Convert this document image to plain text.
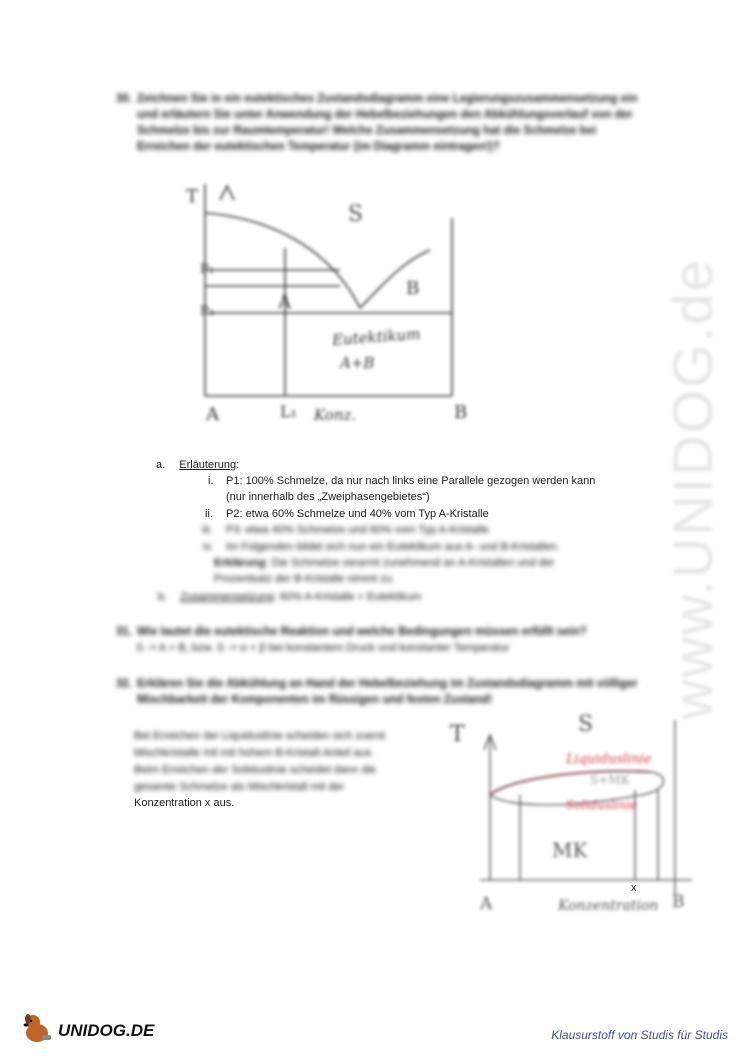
30. Zeichnen Sie in ein eutektisches Zustandsdiagramm eine Legierungszusammensetzung ein
und erläutern Sie unter Anwendung der Hebelbeziehungen den Abkühlungsverlauf von der
Schmelze bis zur Raumtemperatur! Welche Zusammensetzung hat die Schmelze bei
Erreichen der eutektischen Temperatur (im Diagramm eintragen!)?
T
S
P₁
P₃	A
B
Eutektikum
A+B
A	L₁ Konz.	B
a. Erläuterung:
i. P1: 100% Schmelze, da nur nach links eine Parallele gezogen werden kann
(nur innerhalb des „Zweiphasengebietes“)
ii. P2: etwa 60% Schmelze und 40% vom Typ A-Kristalle
iii. P3: etwa 40% Schmelze und 60% vom Typ A-Kristalle
iv. Im Folgenden bildet sich nun ein Eutektikum aus A- und B-Kristallen.
Erklärung: Die Schmelze verarmt zunehmend an A-Kristallen und der
Prozentsatz der B-Kristalle nimmt zu.
b. Zusammensetzung: 60% A-Kristalle + Eutektikum
31. Wie lautet die eutektische Reaktion und welche Bedingungen müssen erfüllt sein?
S -> A + B, bzw. S -> α + β bei konstantem Druck und konstanter Temperatur
32. Erklären Sie die Abkühlung an Hand der Hebelbeziehung im Zustandsdiagramm mit völliger
Mischbarkeit der Komponenten im flüssigen und festen Zustand!
Bei Erreichen der Liquiduslinie scheiden sich zuerst
Mischkristalle mit mit hohem B-Kristall-Anteil aus.
Beim Erreichen der Soliduslinie scheidet dann die
gesamte Schmelze als Mischkristall mit der
Konzentration x aus.
T	S
Liquiduslinie
S+MK
Soliduslinie
MK
x
A	Konzentration B
www.UNIDOG.de
UNIDOG.DE	Klausurstoff von Studis für Studis
